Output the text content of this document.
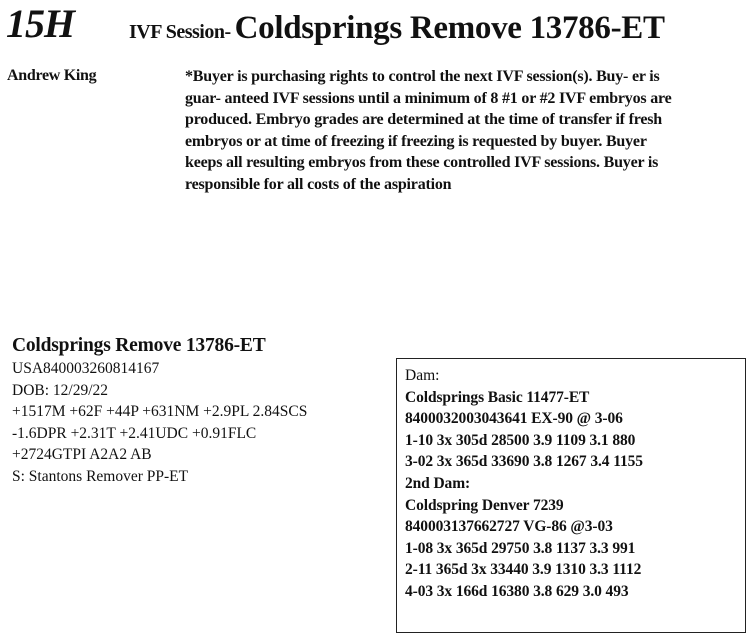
15H	IVF Session- Coldsprings Remove 13786-ET
Andrew King	*Buyer is purchasing rights to control the next IVF session(s). Buy- er is guar- anteed IVF sessions until a minimum of 8 #1 or #2 IVF embryos are produced. Embryo grades are determined at the time of transfer if fresh embryos or at time of freezing if freezing is requested by buyer. Buyer keeps all resulting embryos from these controlled IVF sessions. Buyer is responsible for all costs of the aspiration
Coldsprings Remove 13786-ET
USA840003260814167
DOB: 12/29/22
+1517M +62F +44P +631NM +2.9PL 2.84SCS
-1.6DPR +2.31T +2.41UDC +0.91FLC
+2724GTPI A2A2 AB
S: Stantons Remover PP-ET
Dam:
Coldsprings Basic 11477-ET
8400032003043641 EX-90 @ 3-06
1-10 3x 305d 28500 3.9 1109 3.1 880
3-02 3x 365d 33690 3.8 1267 3.4 1155
2nd Dam:
Coldspring Denver 7239
840003137662727 VG-86 @3-03
1-08 3x 365d 29750 3.8 1137 3.3 991
2-11 365d 3x 33440 3.9 1310 3.3 1112
4-03 3x 166d 16380 3.8 629 3.0 493
